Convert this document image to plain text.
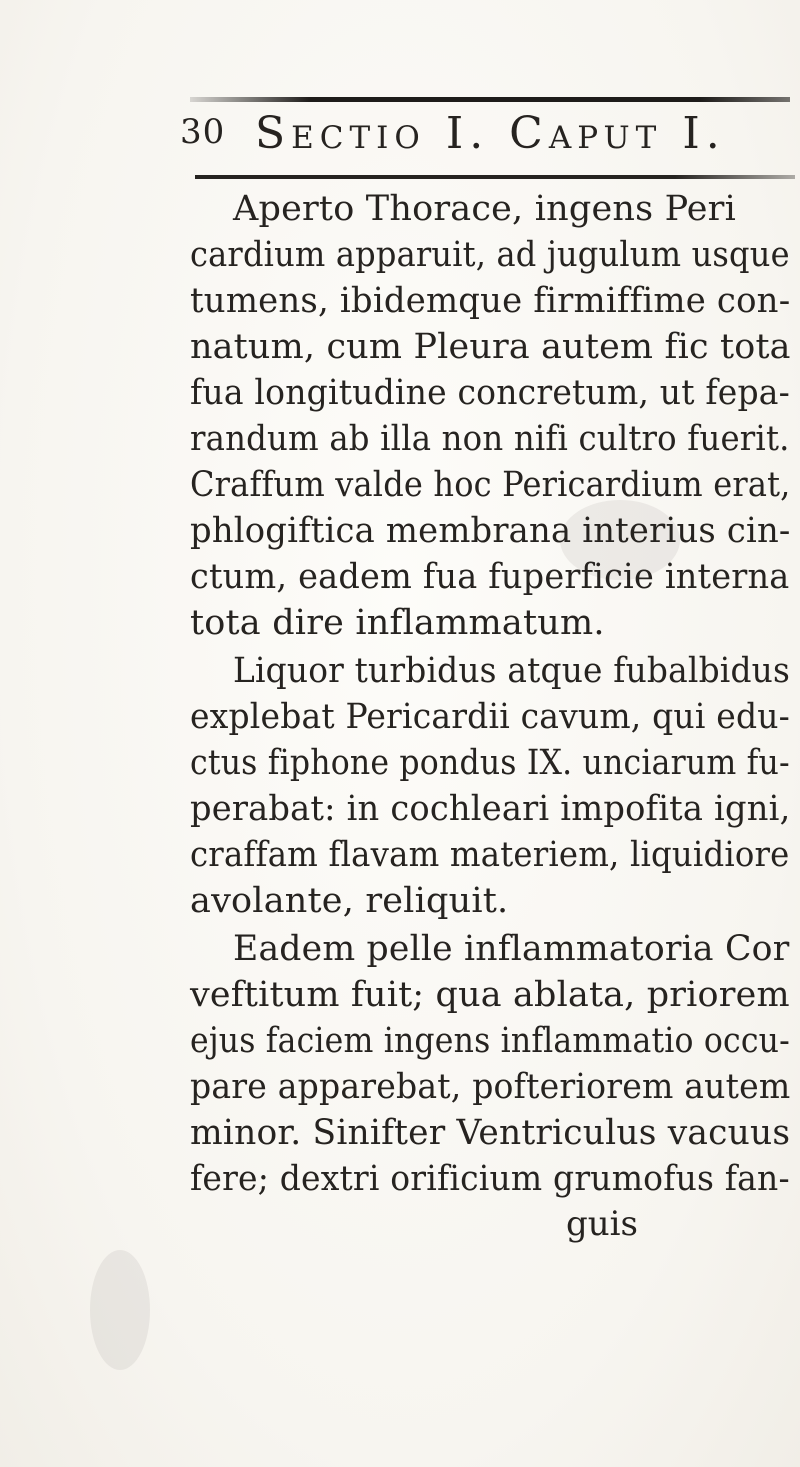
30 Sectio I. Caput I.
Aperto Thorace, ingens Peri
cardium apparuit, ad jugulum usque
tumens, ibidemque firmiffime con-
natum, cum Pleura autem fic tota
fua longitudine concretum, ut fepa-
randum ab illa non nifi cultro fuerit.
Craffum valde hoc Pericardium erat,
phlogiftica membrana interius cin-
ctum, eadem fua fuperficie interna
tota dire inflammatum.
Liquor turbidus atque fubalbidus
explebat Pericardii cavum, qui edu-
ctus fiphone pondus IX. unciarum fu-
perabat: in cochleari impofita igni,
craffam flavam materiem, liquidiore
avolante, reliquit.
Eadem pelle inflammatoria Cor
veftitum fuit; qua ablata, priorem
ejus faciem ingens inflammatio occu-
pare apparebat, pofteriorem autem
minor. Sinifter Ventriculus vacuus
fere; dextri orificium grumofus fan-
guis
